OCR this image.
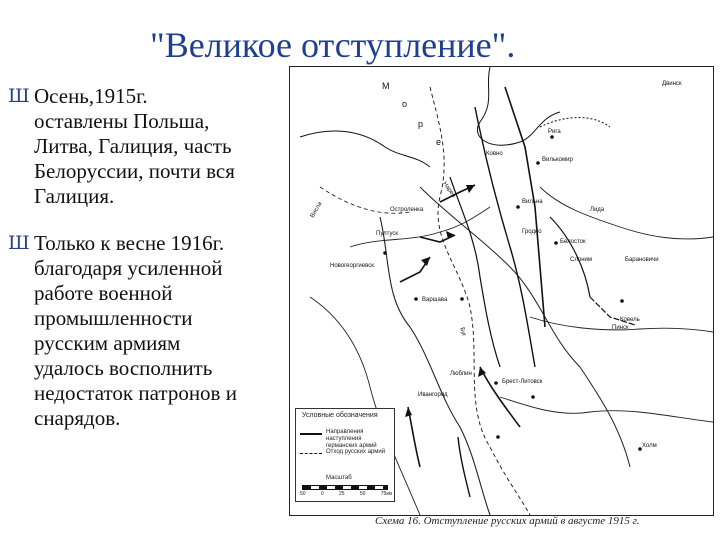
"Великое отступление".
Ш Осень,1915г.
оставлены Польша,
Литва, Галиция, часть
Белоруссии, почти вся
Галиция.
Ш Только к весне 1916г.
благодаря усиленной
работе военной
промышленности
русским армиям
удалось восполнить
недостаток патронов и
снарядов.
М
о
р
е
Рига
Двинск
Вилькомир
Ковно
Вильна
Гродно
Белосток
Остроленка
Пултуск
Новогеоргиевск
Варшава
Брест-Литовск
Ковель
Люблин
Ивангород
Холм
Слоним	Барановичи
Пинск
Лида
Висла
Нарев
Буг
Условные обозначения
Направления наступления германских армий
Отход русских армий
Масштаб
50	0	25	50	75км
Схема 16. Отступление русских армий в августе 1915 г.
